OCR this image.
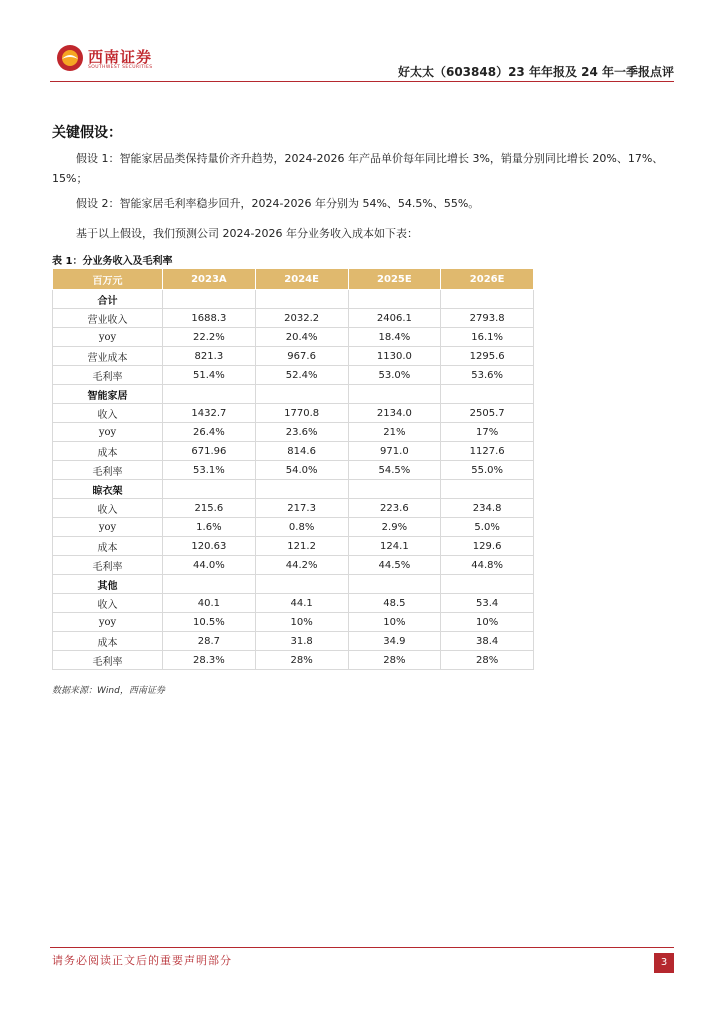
西南证券
SOUTHWEST SECURITIES	好太太（603848）23 年年报及 24 年一季报点评
关键假设：

假设 1：智能家居品类保持量价齐升趋势，2024-2026 年产品单价每年同比增长 3%，销量分别同比增长 20%、17%、15%；

假设 2：智能家居毛利率稳步回升，2024-2026 年分别为 54%、54.5%、55%。

基于以上假设，我们预测公司 2024-2026 年分业务收入成本如下表：

表 1：分业务收入及毛利率
百万元	2023A	2024E	2025E	2026E
合计				
营业收入	1688.3	2032.2	2406.1	2793.8
yoy	22.2%	20.4%	18.4%	16.1%
营业成本	821.3	967.6	1130.0	1295.6
毛利率	51.4%	52.4%	53.0%	53.6%
智能家居				
收入	1432.7	1770.8	2134.0	2505.7
yoy	26.4%	23.6%	21%	17%
成本	671.96	814.6	971.0	1127.6
毛利率	53.1%	54.0%	54.5%	55.0%
晾衣架				
收入	215.6	217.3	223.6	234.8
yoy	1.6%	0.8%	2.9%	5.0%
成本	120.63	121.2	124.1	129.6
毛利率	44.0%	44.2%	44.5%	44.8%
其他				
收入	40.1	44.1	48.5	53.4
yoy	10.5%	10%	10%	10%
成本	28.7	31.8	34.9	38.4
毛利率	28.3%	28%	28%	28%
数据来源：Wind，西南证券
请务必阅读正文后的重要声明部分	3
